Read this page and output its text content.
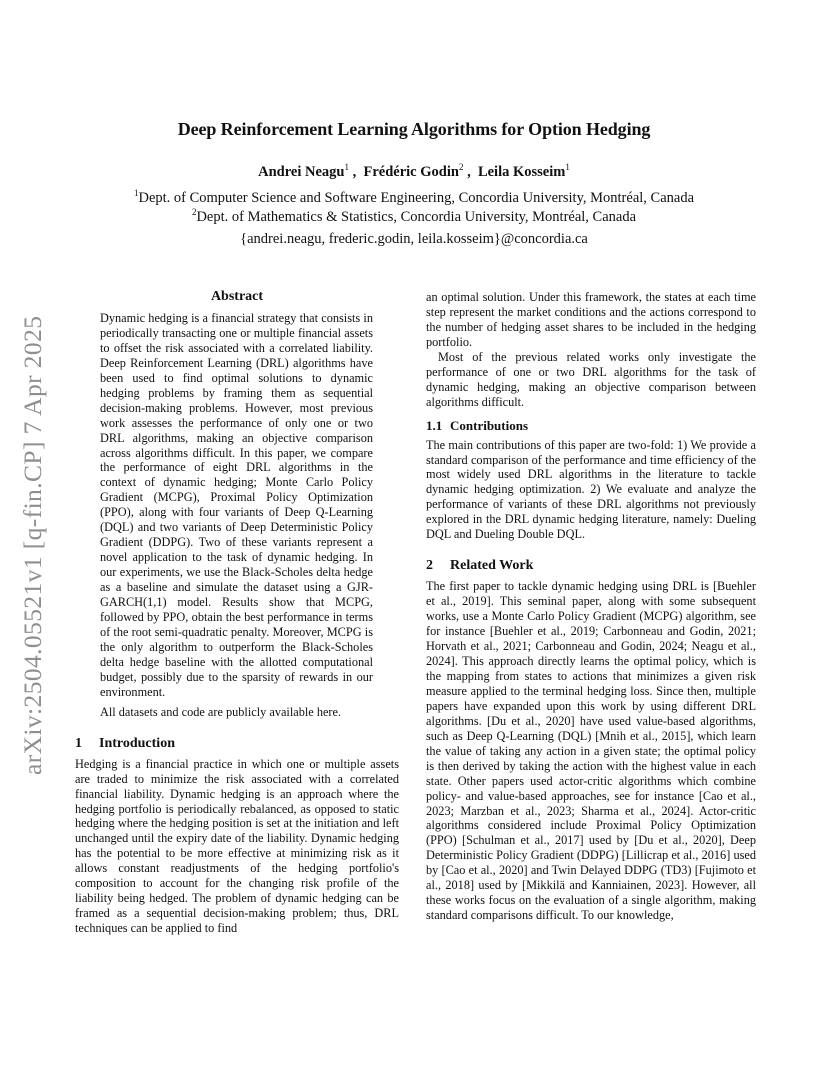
arXiv:2504.05521v1 [q-fin.CP] 7 Apr 2025
Deep Reinforcement Learning Algorithms for Option Hedging
Andrei Neagu$^1$ ,  Frédéric Godin$^2$ ,  Leila Kosseim$^1$
$^1$Dept. of Computer Science and Software Engineering, Concordia University, Montréal, Canada
$^2$Dept. of Mathematics & Statistics, Concordia University, Montréal, Canada
{andrei.neagu, frederic.godin, leila.kosseim}@concordia.ca
Abstract

Dynamic hedging is a financial strategy that consists in periodically transacting one or multiple financial assets to offset the risk associated with a correlated liability. Deep Reinforcement Learning (DRL) algorithms have been used to find optimal solutions to dynamic hedging problems by framing them as sequential decision-making problems. However, most previous work assesses the performance of only one or two DRL algorithms, making an objective comparison across algorithms difficult. In this paper, we compare the performance of eight DRL algorithms in the context of dynamic hedging; Monte Carlo Policy Gradient (MCPG), Proximal Policy Optimization (PPO), along with four variants of Deep Q-Learning (DQL) and two variants of Deep Deterministic Policy Gradient (DDPG). Two of these variants represent a novel application to the task of dynamic hedging. In our experiments, we use the Black-Scholes delta hedge as a baseline and simulate the dataset using a GJR-GARCH(1,1) model. Results show that MCPG, followed by PPO, obtain the best performance in terms of the root semi-quadratic penalty. Moreover, MCPG is the only algorithm to outperform the Black-Scholes delta hedge baseline with the allotted computational budget, possibly due to the sparsity of rewards in our environment.

All datasets and code are publicly available here.

1 Introduction

Hedging is a financial practice in which one or multiple assets are traded to minimize the risk associated with a correlated financial liability. Dynamic hedging is an approach where the hedging portfolio is periodically rebalanced, as opposed to static hedging where the hedging position is set at the initiation and left unchanged until the expiry date of the liability. Dynamic hedging has the potential to be more effective at minimizing risk as it allows constant readjustments of the hedging portfolio's composition to account for the changing risk profile of the liability being hedged. The problem of dynamic hedging can be framed as a sequential decision-making problem; thus, DRL techniques can be applied to find

an optimal solution. Under this framework, the states at each time step represent the market conditions and the actions correspond to the number of hedging asset shares to be included in the hedging portfolio.

Most of the previous related works only investigate the performance of one or two DRL algorithms for the task of dynamic hedging, making an objective comparison between algorithms difficult.

1.1 Contributions

The main contributions of this paper are two-fold: 1) We provide a standard comparison of the performance and time efficiency of the most widely used DRL algorithms in the literature to tackle dynamic hedging optimization. 2) We evaluate and analyze the performance of variants of these DRL algorithms not previously explored in the DRL dynamic hedging literature, namely: Dueling DQL and Dueling Double DQL.

2 Related Work

The first paper to tackle dynamic hedging using DRL is [Buehler et al., 2019]. This seminal paper, along with some subsequent works, use a Monte Carlo Policy Gradient (MCPG) algorithm, see for instance [Buehler et al., 2019; Carbonneau and Godin, 2021; Horvath et al., 2021; Carbonneau and Godin, 2024; Neagu et al., 2024]. This approach directly learns the optimal policy, which is the mapping from states to actions that minimizes a given risk measure applied to the terminal hedging loss. Since then, multiple papers have expanded upon this work by using different DRL algorithms. [Du et al., 2020] have used value-based algorithms, such as Deep Q-Learning (DQL) [Mnih et al., 2015], which learn the value of taking any action in a given state; the optimal policy is then derived by taking the action with the highest value in each state. Other papers used actor-critic algorithms which combine policy- and value-based approaches, see for instance [Cao et al., 2023; Marzban et al., 2023; Sharma et al., 2024]. Actor-critic algorithms considered include Proximal Policy Optimization (PPO) [Schulman et al., 2017] used by [Du et al., 2020], Deep Deterministic Policy Gradient (DDPG) [Lillicrap et al., 2016] used by [Cao et al., 2020] and Twin Delayed DDPG (TD3) [Fujimoto et al., 2018] used by [Mikkilä and Kanniainen, 2023]. However, all these works focus on the evaluation of a single algorithm, making standard comparisons difficult. To our knowledge,
